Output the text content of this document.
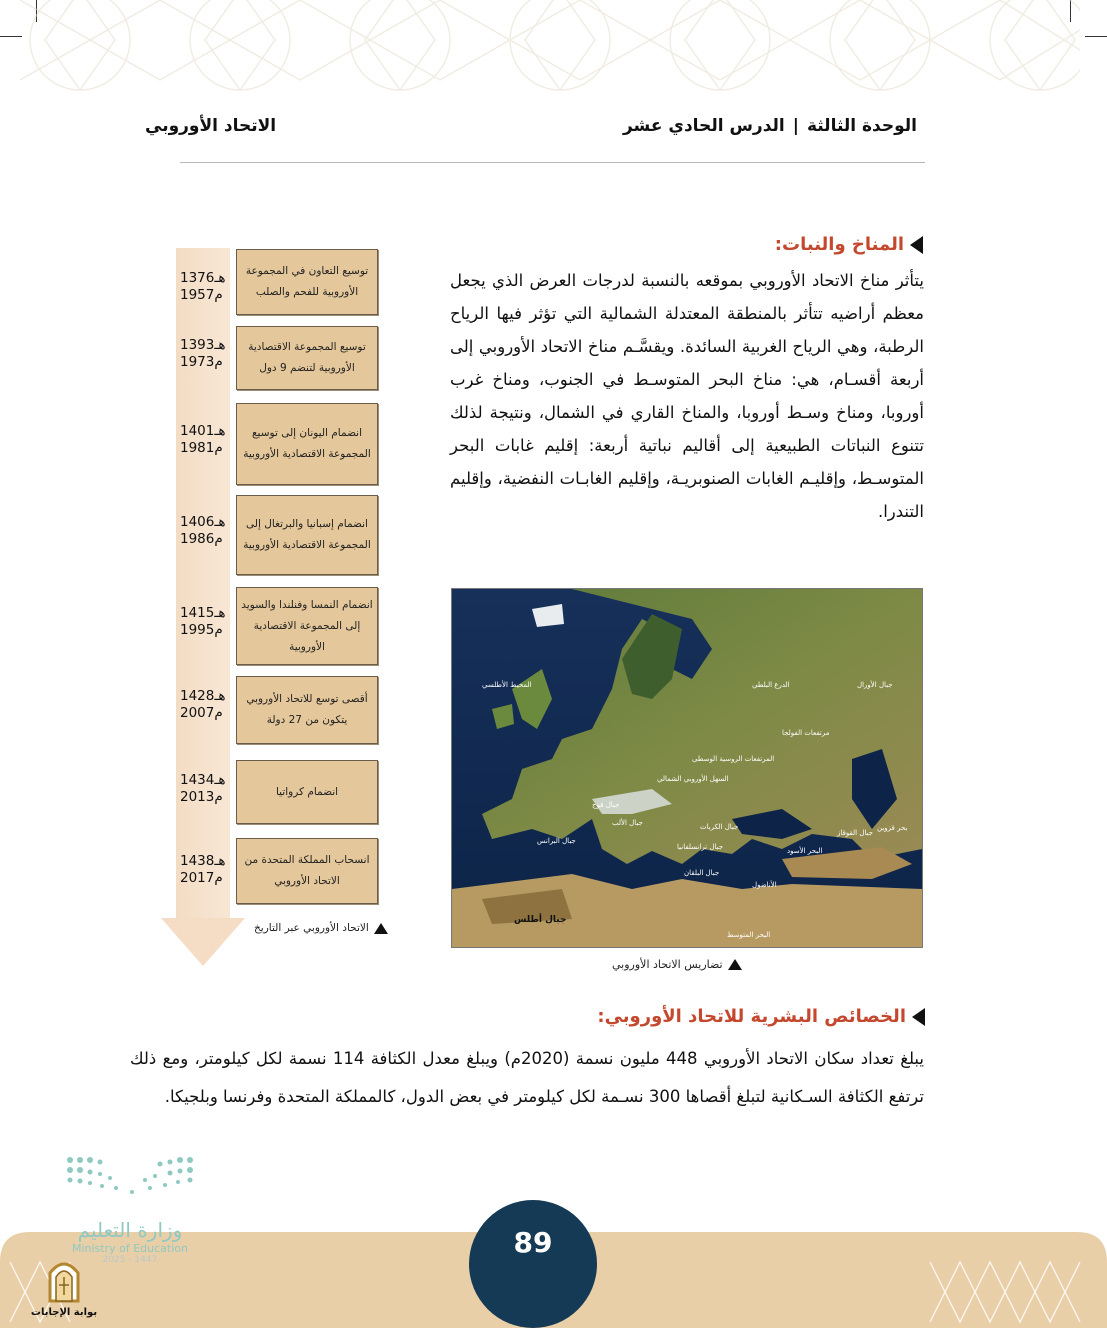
الوحدة الثالثة|الدرس الحادي عشر
الاتحاد الأوروبي
المناخ والنبات:
يتأثر مناخ الاتحاد الأوروبي بموقعه بالنسبة لدرجات العرض الذي يجعل معظم أراضيه تتأثر بالمنطقة المعتدلة الشمالية التي تؤثر فيها الرياح الرطبة، وهي الرياح الغربية السائدة. ويقسَّـم مناخ الاتحاد الأوروبي إلى أربعة أقسـام، هي: مناخ البحر المتوسـط في الجنوب، ومناخ غرب أوروبا، ومناخ وسـط أوروبا، والمناخ القاري في الشمال، ونتيجة لذلك تتنوع النباتات الطبيعية إلى أقاليم نباتية أربعة: إقليم غابات البحر المتوسـط، وإقليـم الغابات الصنوبريـة، وإقليم الغابـات النفضية، وإقليم التندرا.
توسيع التعاون في المجموعة الأوروبية للفحم والصلب
1376هـ
1957م
توسيع المجموعة الاقتصادية الأوروبية لتنضم 9 دول
1393هـ
1973م
انضمام اليونان إلى توسيع المجموعة الاقتصادية الأوروبية
1401هـ
1981م
انضمام إسبانيا والبرتغال إلى المجموعة الاقتصادية الأوروبية
1406هـ
1986م
انضمام النمسا وفنلندا والسويد إلى المجموعة الاقتصادية الأوروبية
1415هـ
1995م
أقصى توسع للاتحاد الأوروبي يتكون من 27 دولة
1428هـ
2007م
انضمام كرواتيا
1434هـ
2013م
انسحاب المملكة المتحدة من الاتحاد الأوروبي
1438هـ
2017م
الاتحاد الأوروبي عبر التاريخ
المحيط الأطلسي	الدرع البلطي	جبال الأورال
مرتفعات الفولجا
المرتفعات الروسية الوسطى
السهل الأوروبي الشمالي
جبال فوج
جبال الألب	جبال الكربات
جبال البرانس
جبال ترانسلفانيا	البحر الأسود
بحر قزوين
جبال القوقاز
جبال البلقان
الأناضول
البحر المتوسط
جبال أطلس
تضاريس الاتحاد الأوروبي
الخصائص البشرية للاتحاد الأوروبي:
يبلغ تعداد سكان الاتحاد الأوروبي 448 مليون نسمة (2020م) ويبلغ معدل الكثافة 114 نسمة لكل كيلومتر، ومع ذلك ترتفع الكثافة السـكانية لتبلغ أقصاها 300 نسـمة لكل كيلومتر في بعض الدول، كالمملكة المتحدة وفرنسا وبلجيكا.
89
وزارة التعليم
Ministry of Education
2025 - 1447
بوابة الإجابات
